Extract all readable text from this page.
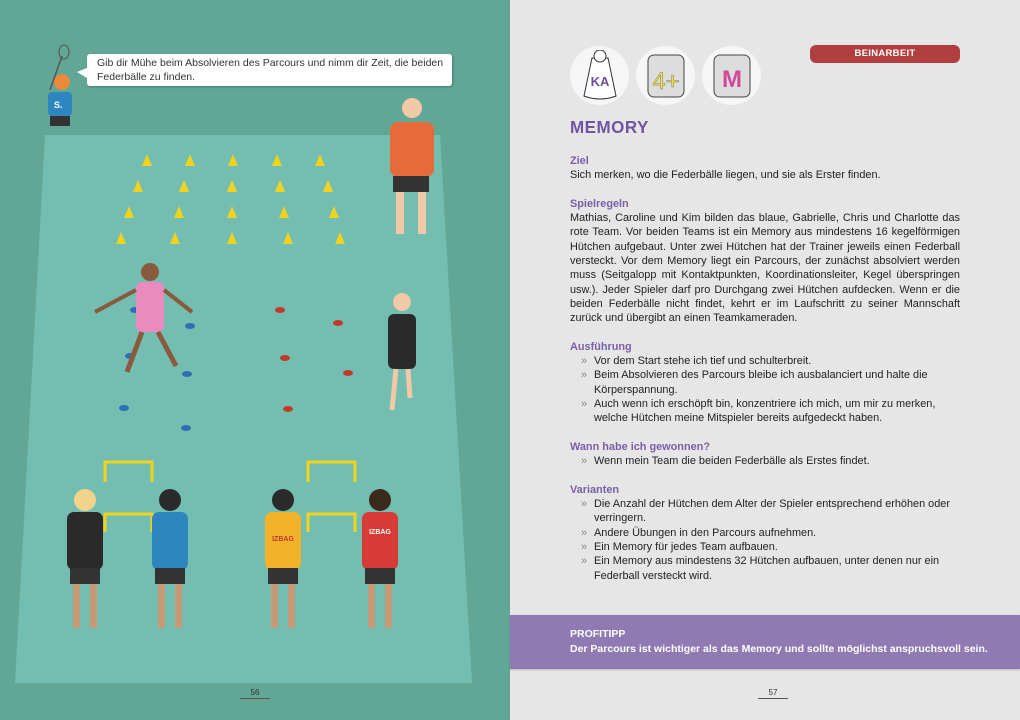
IZBAG
IZBAG
S.
Gib dir Mühe beim Absolvieren des Parcours und nimm dir Zeit, die beiden Federbälle zu finden.
56
KA 4+ M
BEINARBEIT
MEMORY
Ziel

Sich merken, wo die Federbälle liegen, und sie als Erster finden.

Spielregeln

Mathias, Caroline und Kim bilden das blaue, Gabrielle, Chris und Charlotte das rote Team. Vor beiden Teams ist ein Memory aus mindestens 16 kegelförmigen Hütchen aufgebaut. Unter zwei Hütchen hat der Trainer jeweils einen Federball versteckt. Vor dem Memory liegt ein Parcours, der zunächst absolviert werden muss (Seitgalopp mit Kontaktpunkten, Koordinationsleiter, Kegel überspringen usw.). Jeder Spieler darf pro Durchgang zwei Hütchen aufdecken. Wenn er die beiden Federbälle nicht findet, kehrt er im Laufschritt zu seiner Mannschaft zurück und übergibt an einen Teamkameraden.

Ausführung
» Vor dem Start stehe ich tief und schulterbreit.
» Beim Absolvieren des Parcours bleibe ich ausbalanciert und halte die Körperspannung.
» Auch wenn ich erschöpft bin, konzentriere ich mich, um mir zu merken, welche Hütchen meine Mitspieler bereits aufgedeckt haben.
Wann habe ich gewonnen?
» Wenn mein Team die beiden Federbälle als Erstes findet.
Varianten
» Die Anzahl der Hütchen dem Alter der Spieler entsprechend erhöhen oder verringern.
» Andere Übungen in den Parcours aufnehmen.
» Ein Memory für jedes Team aufbauen.
» Ein Memory aus mindestens 32 Hütchen aufbauen, unter denen nur ein Federball versteckt wird.
PROFITIPP
Der Parcours ist wichtiger als das Memory und sollte möglichst anspruchsvoll sein.
57
